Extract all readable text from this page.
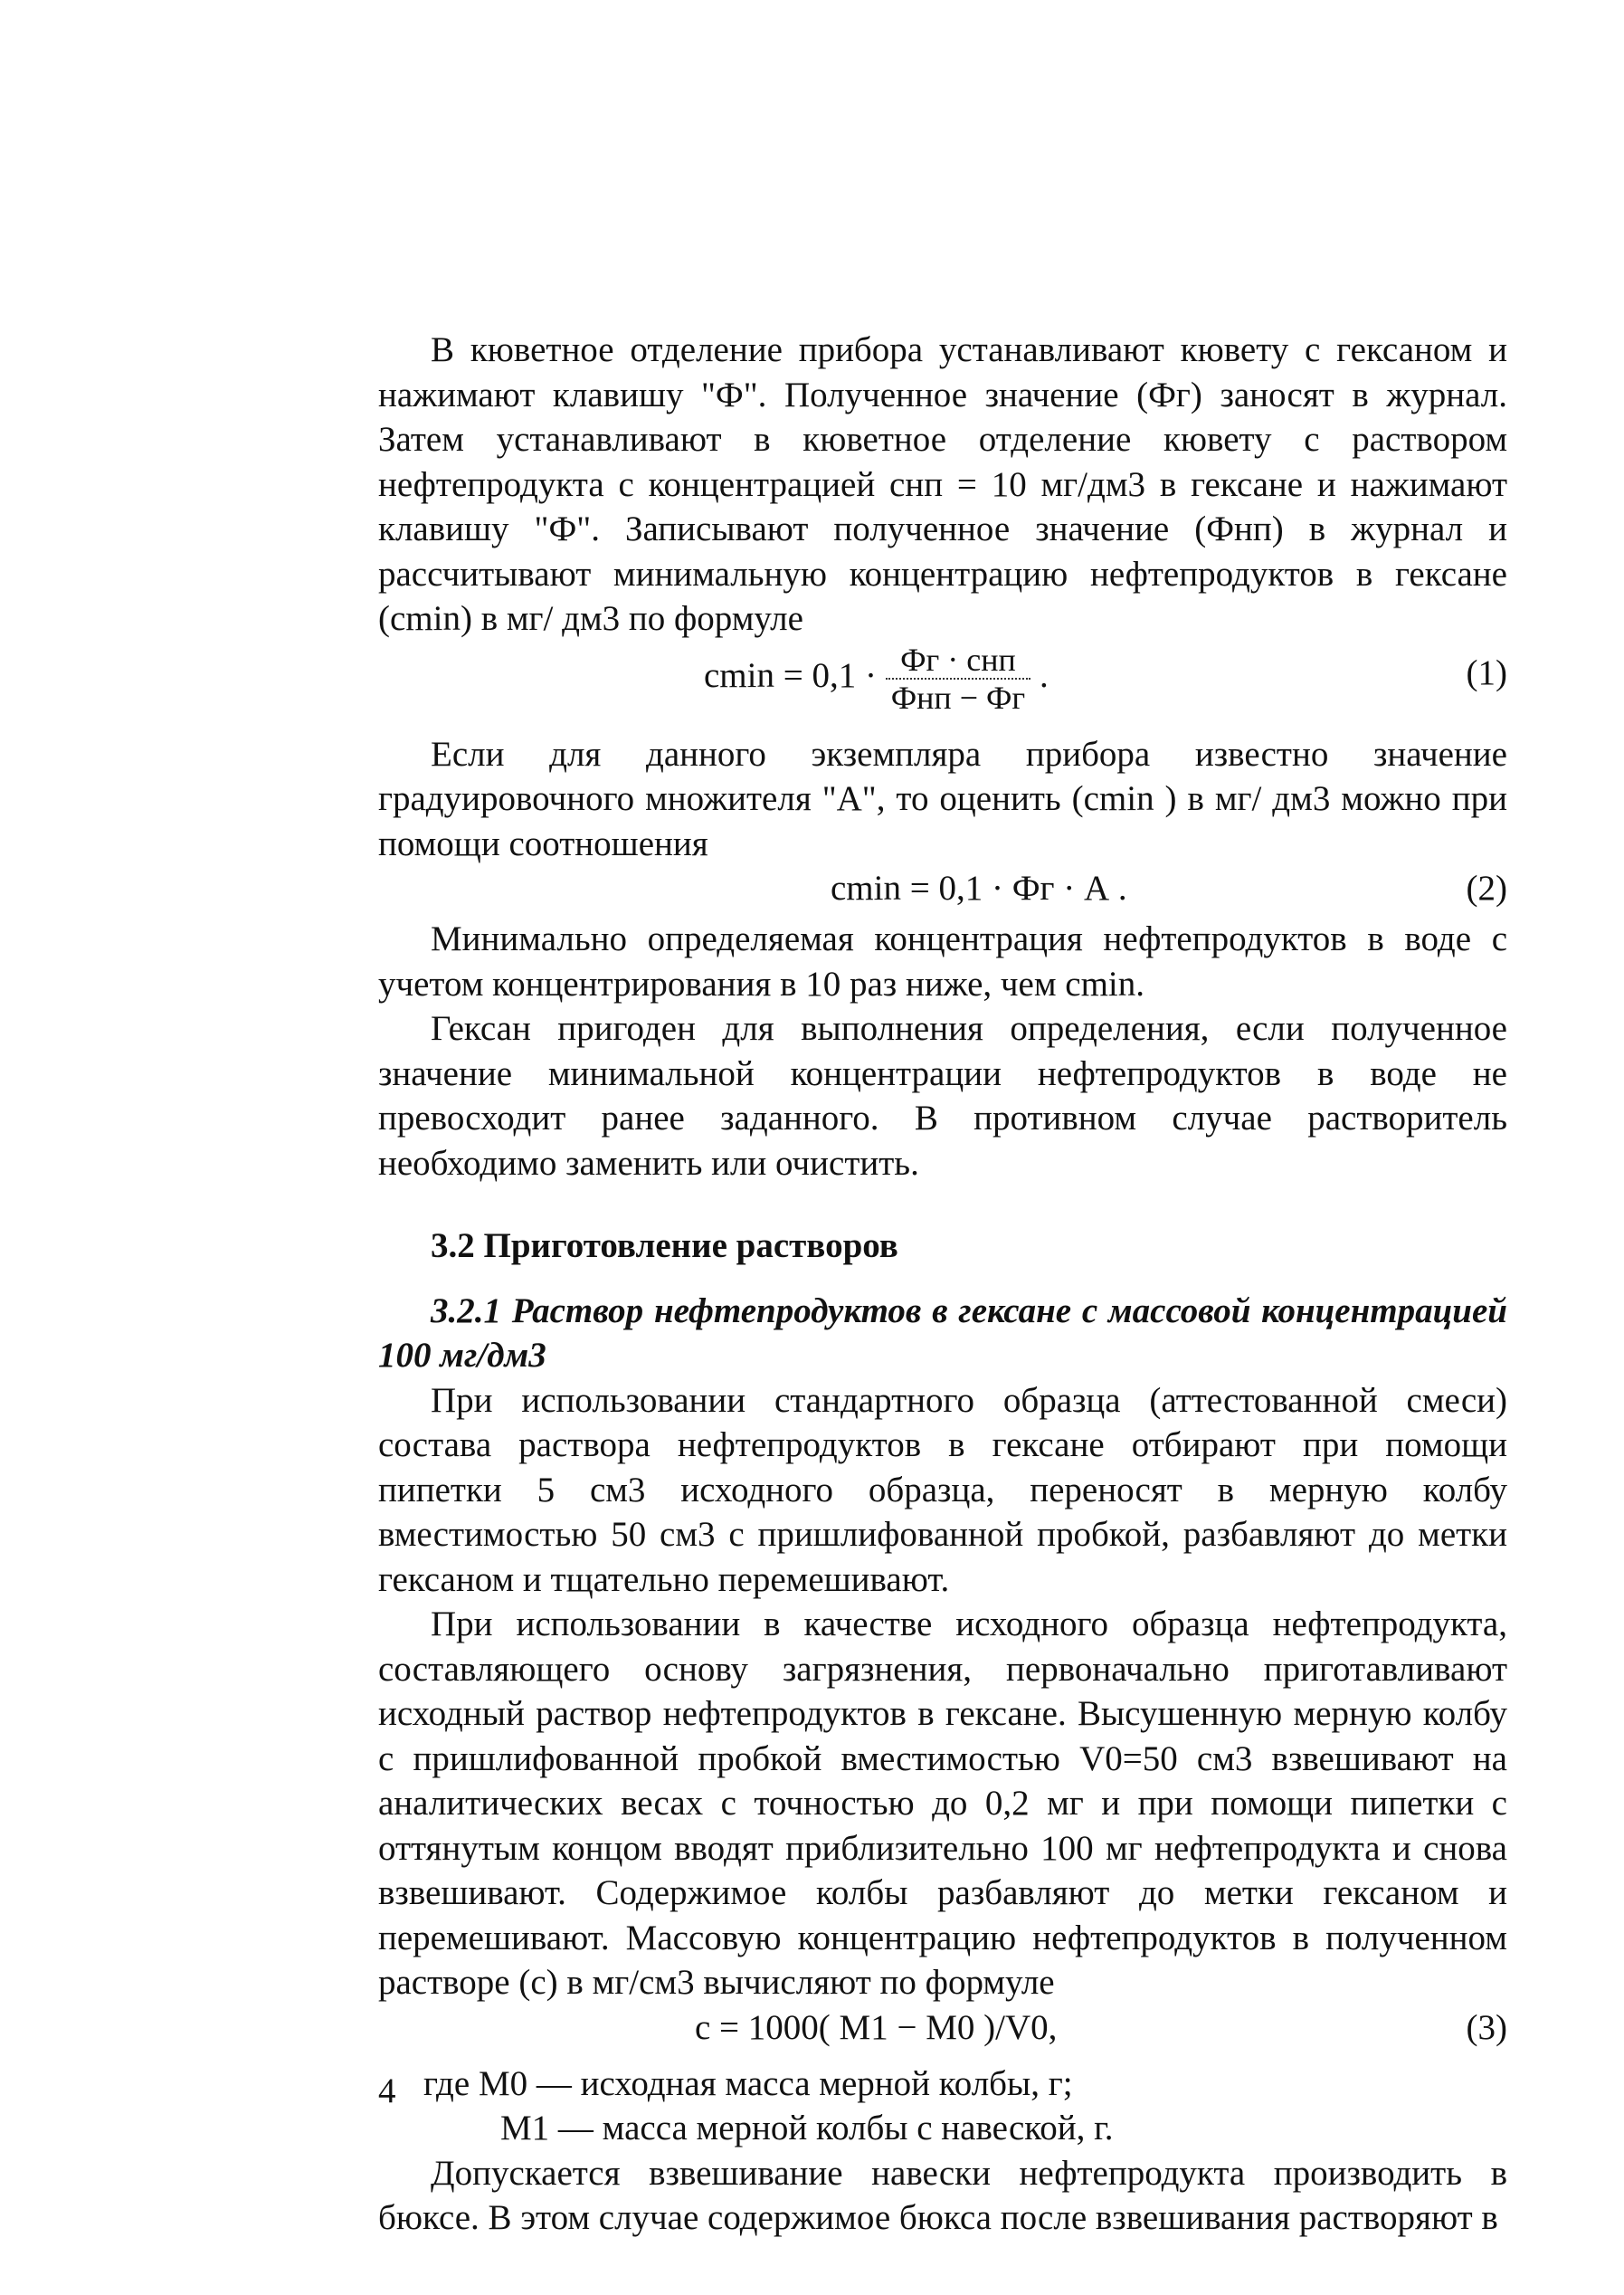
В кюветное отделение прибора устанавливают кювету с гексаном и нажимают клавишу "Ф". Полученное значение (Фг) заносят в журнал. Затем устанавливают в кюветное отделение кювету с раствором нефтепродукта с концентрацией cнп = 10 мг/дм3 в гексане и нажимают клавишу "Ф". Записывают полученное значение (Фнп) в журнал и рассчитывают минимальную концентрацию нефтепродуктов в гексане (cmin) в мг/ дм3 по формуле

$cmin = 0,1 \cdot \frac{\text{Фг · cнп}}{\text{Фнп − Фг}}$ .	(1)

Если для данного экземпляра прибора известно значение градуировочного множителя "А", то оценить (cmin ) в мг/ дм3 можно при помощи соотношения

cmin = 0,1 · Фг · А .	(2)

Минимально определяемая концентрация нефтепродуктов в воде с учетом концентрирования в 10 раз ниже, чем cmin.

Гексан пригоден для выполнения определения, если полученное значение минимальной концентрации нефтепродуктов в воде не превосходит ранее заданного. В противном случае растворитель необходимо заменить или очистить.

3.2 Приготовление растворов

3.2.1 Раствор нефтепродуктов в гексане с массовой концентрацией 100 мг/дм3

При использовании стандартного образца (аттестованной смеси) состава раствора нефтепродуктов в гексане отбирают при помощи пипетки 5 см3 исходного образца, переносят в мерную колбу вместимостью 50 см3 с пришлифованной пробкой, разбавляют до метки гексаном и тщательно перемешивают.

При использовании в качестве исходного образца нефтепродукта, составляющего основу загрязнения, первоначально приготавливают исходный раствор нефтепродуктов в гексане. Высушенную мерную колбу с пришлифованной пробкой вместимостью V0=50 см3 взвешивают на аналитических весах с точностью до 0,2 мг и при помощи пипетки с оттянутым концом вводят приблизительно 100 мг нефтепродукта и снова взвешивают. Содержимое колбы разбавляют до метки гексаном и перемешивают. Массовую концентрацию нефтепродуктов в полученном растворе (c) в мг/см3 вычисляют по формуле

c = 1000( M1 − M0 )/V0,	(3)

где M0 — исходная масса мерной колбы, г;

M1 — масса мерной колбы с навеской, г.

Допускается взвешивание навески нефтепродукта производить в бюксе. В этом случае содержимое бюкса после взвешивания растворяют в

4
